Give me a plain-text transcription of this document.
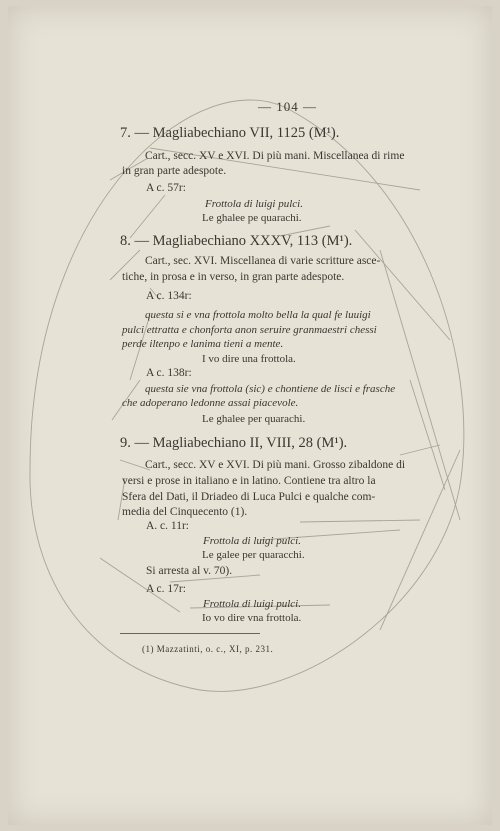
— 104 —
7. — Magliabechiano VII, 1125 (M¹).
Cart., secc. XV e XVI. Di più mani. Miscellanea di rime
in gran parte adespote.
A c. 57r:
Frottola di luigi pulci.
Le ghalee pe quarachi.
8. — Magliabechiano XXXV, 113 (M¹).
Cart., sec. XVI. Miscellanea di varie scritture asce-
tiche, in prosa e in verso, in gran parte adespote.
A c. 134r:
questa si e vna frottola molto bella la qual fe luuigi
pulci ettratta e chonforta anon seruire granmaestri chessi
perde iltenpo e lanima tieni a mente.
I vo dire una frottola.
A c. 138r:
questa sie vna frottola (sic) e chontiene de lisci e frasche
che adoperano ledonne assai piacevole.
Le ghalee per quarachi.
9. — Magliabechiano II, VIII, 28 (M¹).
Cart., secc. XV e XVI. Di più mani. Grosso zibaldone di
versi e prose in italiano e in latino. Contiene tra altro la
Sfera del Dati, il Driadeo di Luca Pulci e qualche com-
media del Cinquecento (1).
A. c. 11r:
Frottola di luigi pulci.
Le galee per quaracchi.
Si arresta al v. 70).
A c. 17r:
Frottola di luigi pulci.
Io vo dire vna frottola.
(1) Mazzatinti, o. c., XI, p. 231.
